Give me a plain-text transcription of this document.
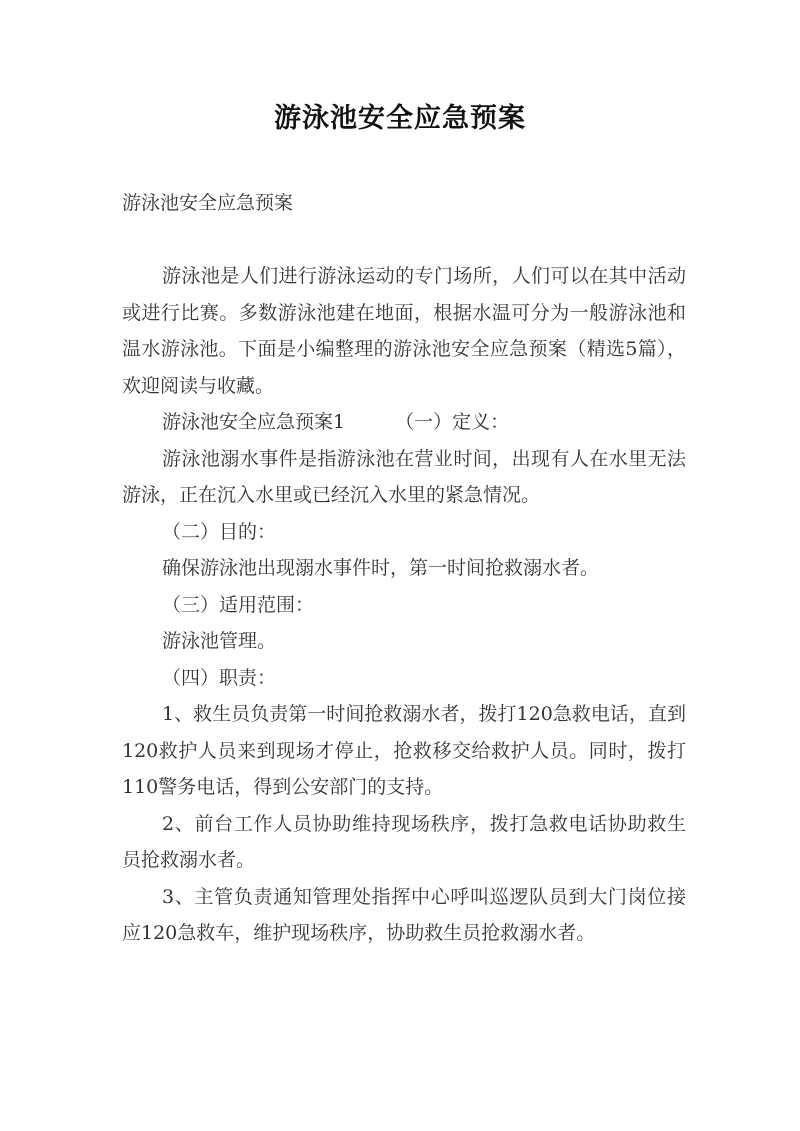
游泳池安全应急预案
游泳池安全应急预案

游泳池是人们进行游泳运动的专门场所，人们可以在其中活动或进行比赛。多数游泳池建在地面，根据水温可分为一般游泳池和温水游泳池。下面是小编整理的游泳池安全应急预案（精选5篇），欢迎阅读与收藏。

游泳池安全应急预案1	（一）定义：

游泳池溺水事件是指游泳池在营业时间，出现有人在水里无法游泳，正在沉入水里或已经沉入水里的紧急情况。

（二）目的：

确保游泳池出现溺水事件时，第一时间抢救溺水者。

（三）适用范围：

游泳池管理。

（四）职责：

1、救生员负责第一时间抢救溺水者，拨打120急救电话，直到120救护人员来到现场才停止，抢救移交给救护人员。同时，拨打110警务电话，得到公安部门的支持。

2、前台工作人员协助维持现场秩序，拨打急救电话协助救生员抢救溺水者。

3、主管负责通知管理处指挥中心呼叫巡逻队员到大门岗位接应120急救车，维护现场秩序，协助救生员抢救溺水者。
